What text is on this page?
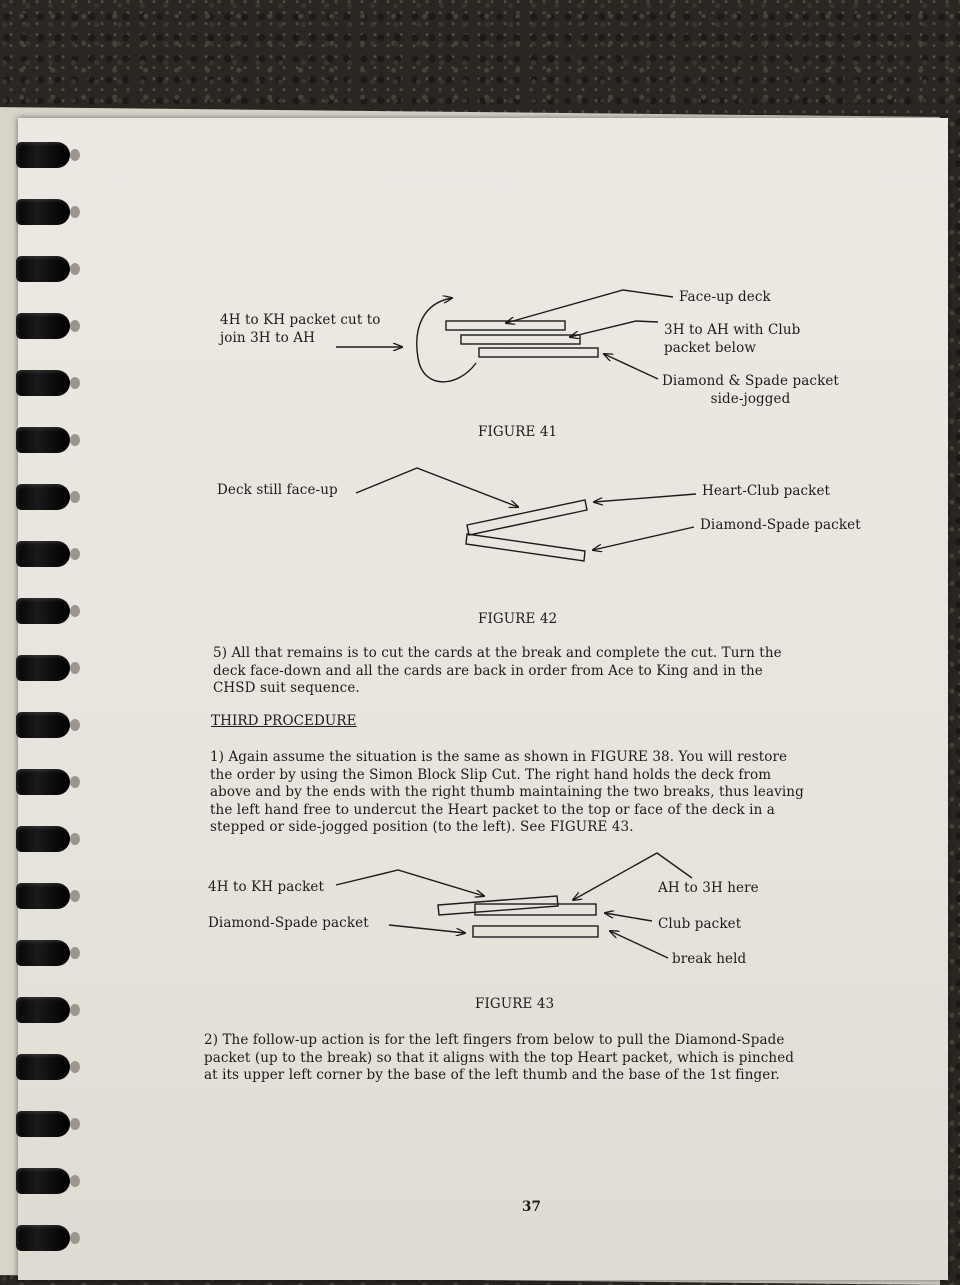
4H to KH packet cut to
join 3H to AH
Face-up deck
3H to AH with Club
packet below
Diamond & Spade packet
side-jogged
FIGURE 41
Deck still face-up	Heart-Club packet
Diamond-Spade packet
FIGURE 42
5) All that remains is to cut the cards at the break and complete the cut. Turn the
deck face-down and all the cards are back in order from Ace to King and in the
CHSD suit sequence.
THIRD PROCEDURE
1) Again assume the situation is the same as shown in FIGURE 38. You will restore
the order by using the Simon Block Slip Cut. The right hand holds the deck from
above and by the ends with the right thumb maintaining the two breaks, thus leaving
the left hand free to undercut the Heart packet to the top or face of the deck in a
stepped or side-jogged position (to the left). See FIGURE 43.
4H to KH packet
Diamond-Spade packet
AH to 3H here
Club packet
break held
FIGURE 43
2) The follow-up action is for the left fingers from below to pull the Diamond-Spade
packet (up to the break) so that it aligns with the top Heart packet, which is pinched
at its upper left corner by the base of the left thumb and the base of the 1st finger.
37
